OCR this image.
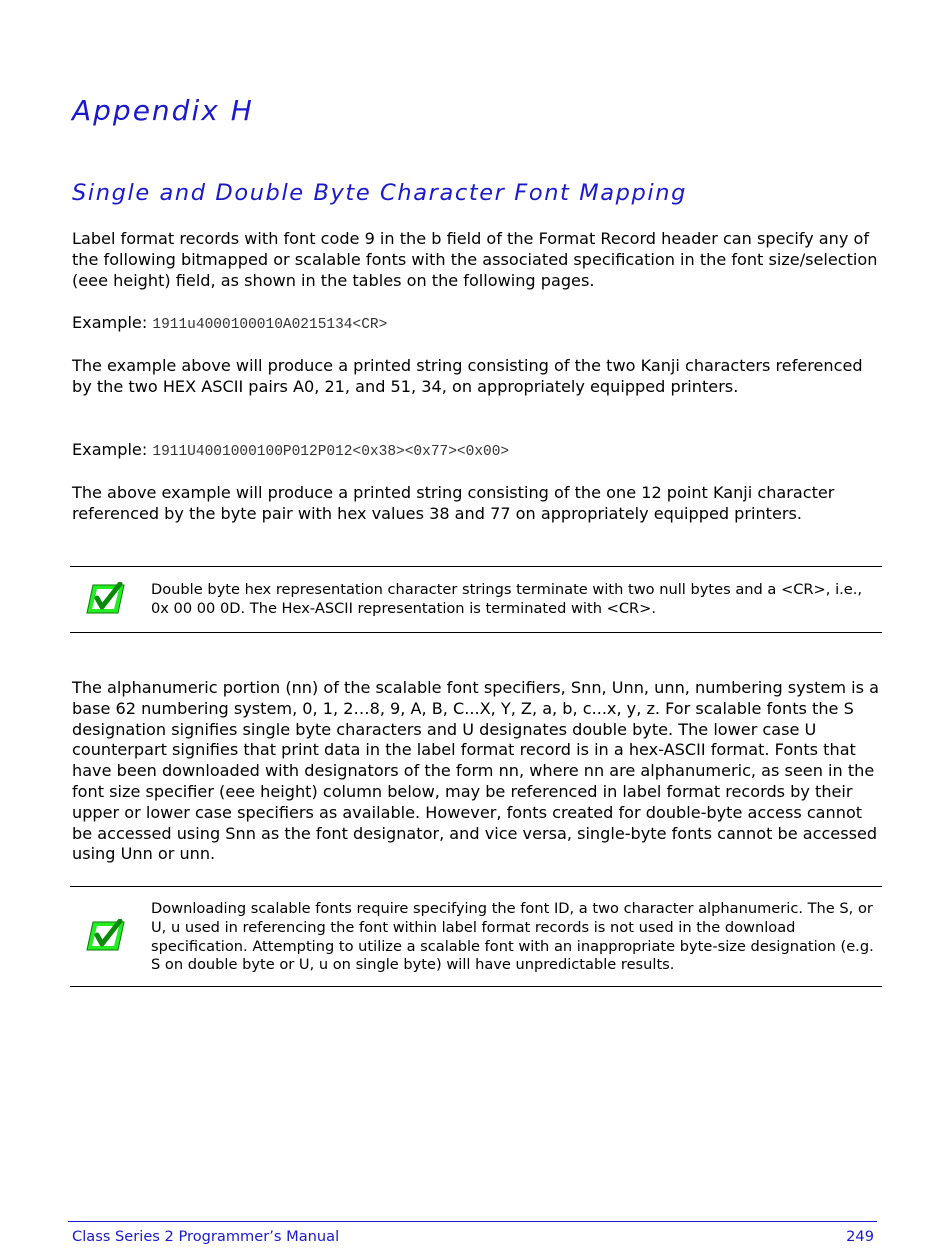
Appendix H
Single and Double Byte Character Font Mapping

Label format records with font code 9 in the b field of the Format Record header can specify any of the following bitmapped or scalable fonts with the associated specification in the font size/selection (eee height) field, as shown in the tables on the following pages.

Example: 1911u4000100010A0215134<CR>

The example above will produce a printed string consisting of the two Kanji characters referenced by the two HEX ASCII pairs A0, 21, and 51, 34, on appropriately equipped printers.

Example: 1911U4001000100P012P012<0x38><0x77><0x00>

The above example will produce a printed string consisting of the one 12 point Kanji character referenced by the byte pair with hex values 38 and 77 on appropriately equipped printers.

Double byte hex representation character strings terminate with two null bytes and a <CR>, i.e., 0x 00 00 0D. The Hex-ASCII representation is terminated with <CR>.

The alphanumeric portion (nn) of the scalable font specifiers, Snn, Unn, unn, numbering system is a base 62 numbering system, 0, 1, 2…8, 9, A, B, C...X, Y, Z, a, b, c...x, y, z. For scalable fonts the S designation signifies single byte characters and U designates double byte. The lower case U counterpart signifies that print data in the label format record is in a hex-ASCII format. Fonts that have been downloaded with designators of the form nn, where nn are alphanumeric, as seen in the font size specifier (eee height) column below, may be referenced in label format records by their upper or lower case specifiers as available. However, fonts created for double-byte access cannot be accessed using Snn as the font designator, and vice versa, single-byte fonts cannot be accessed using Unn or unn.

Downloading scalable fonts require specifying the font ID, a two character alphanumeric. The S, or U, u used in referencing the font within label format records is not used in the download specification. Attempting to utilize a scalable font with an inappropriate byte-size designation (e.g. S on double byte or U, u on single byte) will have unpredictable results.
Class Series 2 Programmer’s Manual	249
